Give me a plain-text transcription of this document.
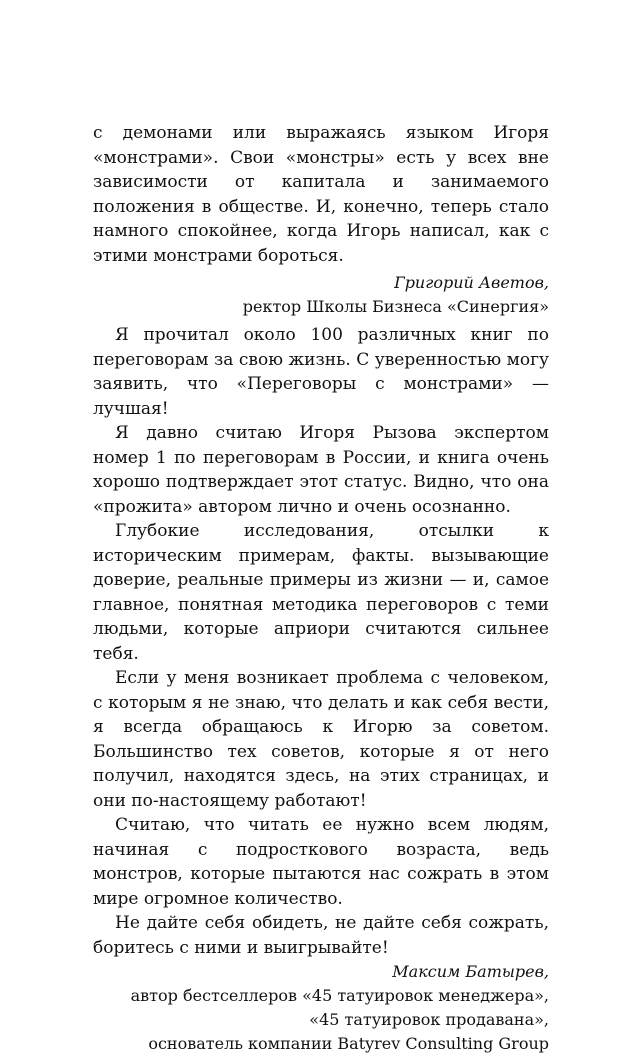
с демонами или выражаясь языком Игоря «монстрами». Свои «монстры» есть у всех вне зависимости от капитала и занимаемого положения в обществе. И, конечно, теперь стало намного спокойнее, когда Игорь написал, как с этими монстрами бороться.

Григорий Аветов,
ректор Школы Бизнеса «Синергия»

Я прочитал около 100 различных книг по переговорам за свою жизнь. С уверенностью могу заявить, что «Переговоры с монстрами» — лучшая!

Я давно считаю Игоря Рызова экспертом номер 1 по переговорам в России, и книга очень хорошо подтверждает этот статус. Видно, что она «прожита» автором лично и очень осознанно.

Глубокие исследования, отсылки к историческим примерам, факты. вызывающие доверие, реальные примеры из жизни — и, самое главное, понятная методика переговоров с теми людьми, которые априори считаются сильнее тебя.

Если у меня возникает проблема с человеком, с которым я не знаю, что делать и как себя вести, я всегда обращаюсь к Игорю за советом. Большинство тех советов, которые я от него получил, находятся здесь, на этих страницах, и они по-настоящему работают!

Считаю, что читать ее нужно всем людям, начиная с подросткового возраста, ведь монстров, которые пытаются нас сожрать в этом мире огромное количество.

Не дайте себя обидеть, не дайте себя сожрать, боритесь с ними и выигрывайте!

Максим Батырев,
автор бестселлеров «45 татуировок менеджера»,
«45 татуировок продавана»,
основатель компании Batyrev Consulting Group
